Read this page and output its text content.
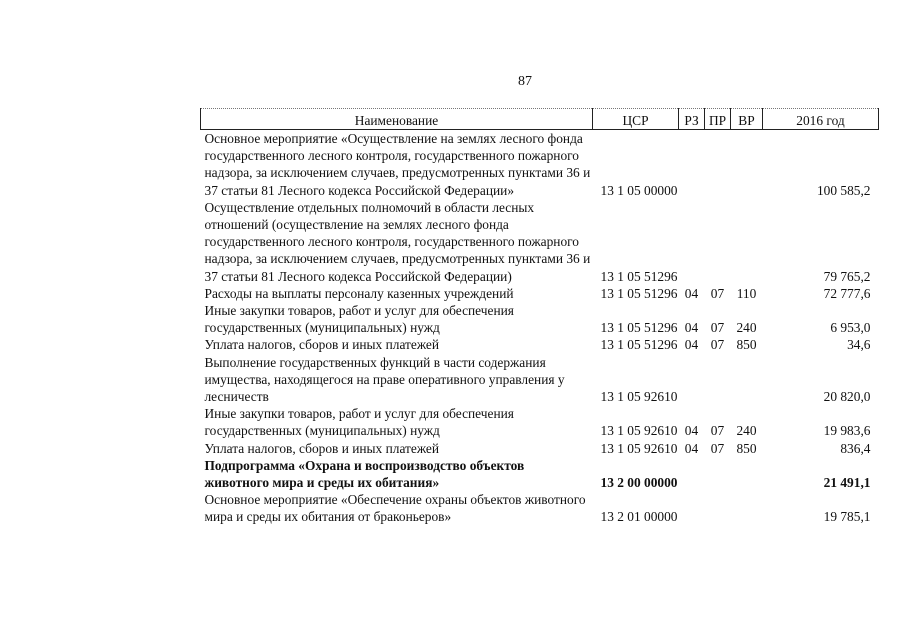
87
Наименование	ЦСР	РЗ	ПР	ВР	2016 год
Основное мероприятие «Осуществление на землях лесного фонда государственного лесного контроля, государственного пожарного надзора, за исключением случаев, предусмотренных пунктами 36 и 37 статьи 81 Лесного кодекса Российской Федерации»	13 1 05 00000				100 585,2
Осуществление отдельных полномочий в области лесных отношений (осуществление на землях лесного фонда государственного лесного контроля, государственного пожарного надзора, за исключением случаев, предусмотренных пунктами 36 и 37 статьи 81 Лесного кодекса Российской Федерации)	13 1 05 51296				79 765,2
Расходы на выплаты персоналу казенных учреждений	13 1 05 51296	04	07	110	72 777,6
Иные закупки товаров, работ и услуг для обеспечения государственных (муниципальных) нужд	13 1 05 51296	04	07	240	6 953,0
Уплата налогов, сборов и иных платежей	13 1 05 51296	04	07	850	34,6
Выполнение государственных функций в части содержания имущества, находящегося на праве оперативного управления у лесничеств	13 1 05 92610				20 820,0
Иные закупки товаров, работ и услуг для обеспечения государственных (муниципальных) нужд	13 1 05 92610	04	07	240	19 983,6
Уплата налогов, сборов и иных платежей	13 1 05 92610	04	07	850	836,4
Подпрограмма «Охрана и воспроизводство объектов животного мира и среды их обитания»	13 2 00 00000				21 491,1
Основное мероприятие «Обеспечение охраны объектов животного мира и среды их обитания от браконьеров»	13 2 01 00000				19 785,1
